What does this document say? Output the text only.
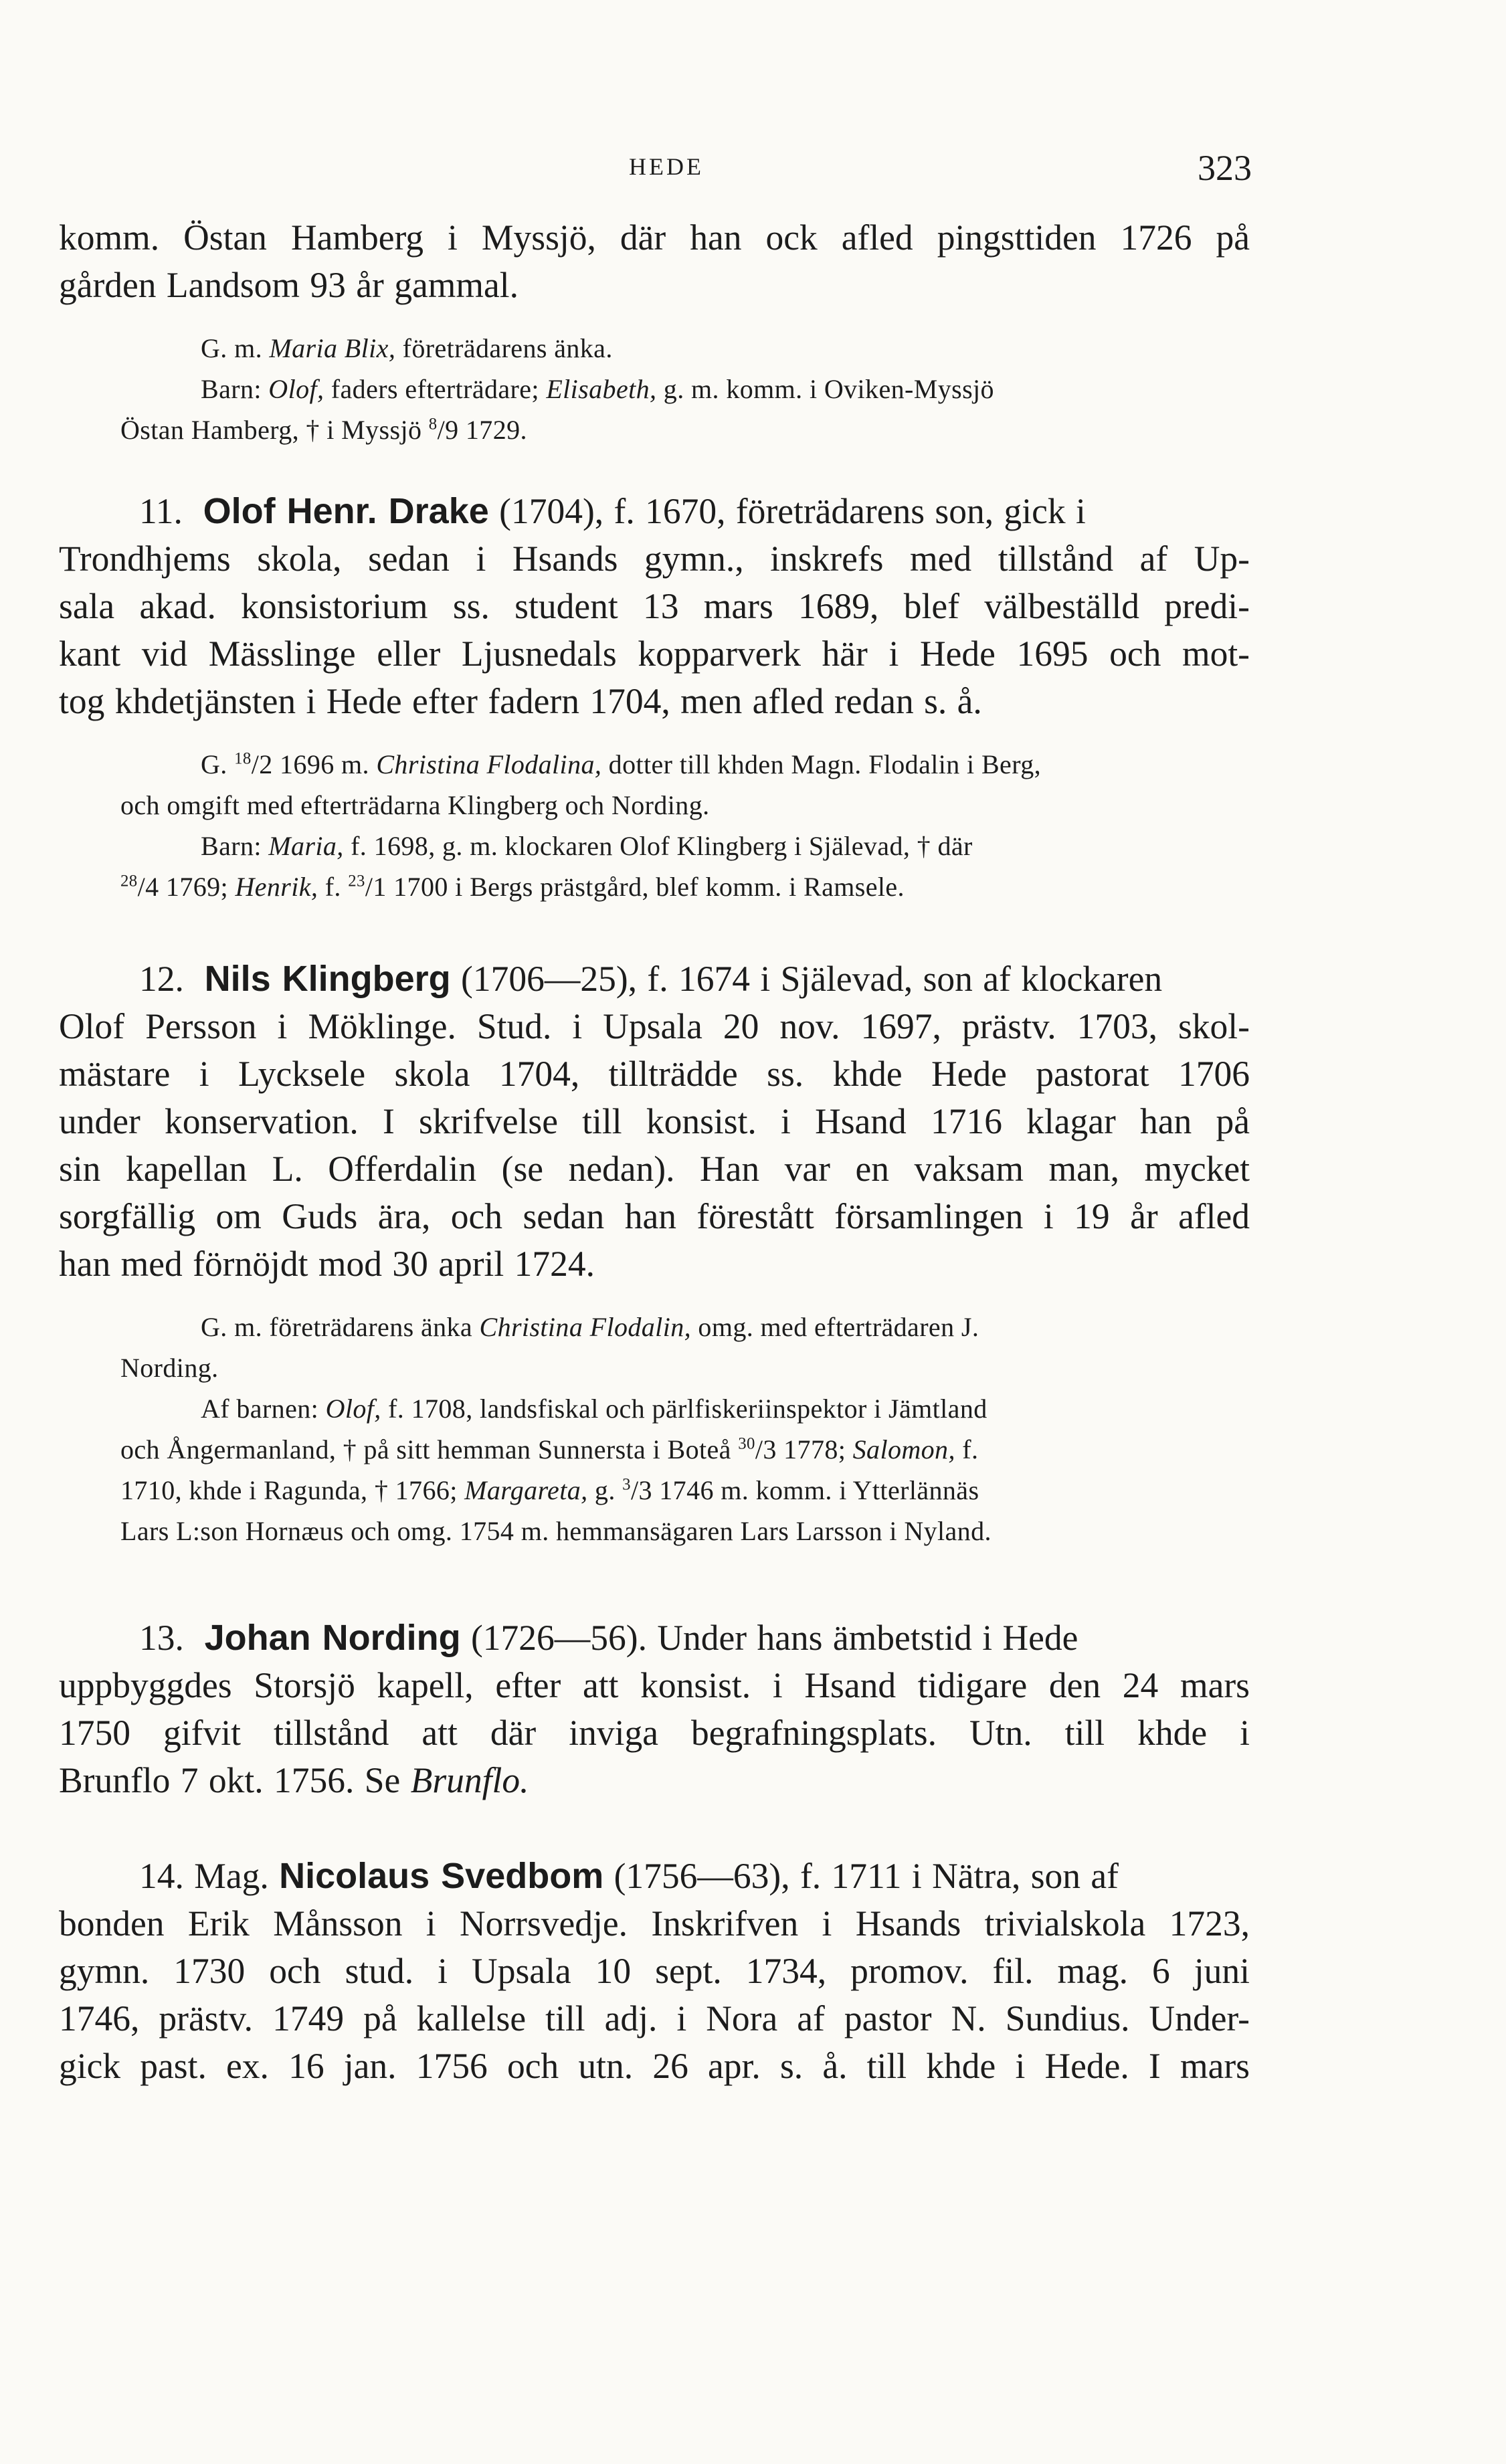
HEDE	323
komm. Östan Hamberg i Myssjö, där han ock afled pingsttiden 1726 på
gården Landsom 93 år gammal.
G. m. Maria Blix, företrädarens änka.
Barn: Olof, faders efterträdare; Elisabeth, g. m. komm. i Oviken-Myssjö
Östan Hamberg, † i Myssjö $^8$/9 1729.
11. Olof Henr. Drake (1704), f. 1670, företrädarens son, gick i
Trondhjems skola, sedan i Hsands gymn., inskrefs med tillstånd af Up-
sala akad. konsistorium ss. student 13 mars 1689, blef välbeställd predi-
kant vid Mässlinge eller Ljusnedals kopparverk här i Hede 1695 och mot-
tog khdetjänsten i Hede efter fadern 1704, men afled redan s. å.
G. $^{18}$/2 1696 m. Christina Flodalina, dotter till khden Magn. Flodalin i Berg,
och omgift med efterträdarna Klingberg och Nording.
Barn: Maria, f. 1698, g. m. klockaren Olof Klingberg i Själevad, † där
$^{28}$/4 1769; Henrik, f. $^{23}$/1 1700 i Bergs prästgård, blef komm. i Ramsele.
12. Nils Klingberg (1706—25), f. 1674 i Själevad, son af klockaren
Olof Persson i Möklinge. Stud. i Upsala 20 nov. 1697, prästv. 1703, skol-
mästare i Lycksele skola 1704, tillträdde ss. khde Hede pastorat 1706
under konservation. I skrifvelse till konsist. i Hsand 1716 klagar han på
sin kapellan L. Offerdalin (se nedan). Han var en vaksam man, mycket
sorgfällig om Guds ära, och sedan han förestått församlingen i 19 år afled
han med förnöjdt mod 30 april 1724.
G. m. företrädarens änka Christina Flodalin, omg. med efterträdaren J.
Nording.
Af barnen: Olof, f. 1708, landsfiskal och pärlfiskeriinspektor i Jämtland
och Ångermanland, † på sitt hemman Sunnersta i Boteå $^{30}$/3 1778; Salomon, f.
1710, khde i Ragunda, † 1766; Margareta, g. $^3$/3 1746 m. komm. i Ytterlännäs
Lars L:son Hornæus och omg. 1754 m. hemmansägaren Lars Larsson i Nyland.
13. Johan Nording (1726—56). Under hans ämbetstid i Hede
uppbyggdes Storsjö kapell, efter att konsist. i Hsand tidigare den 24 mars
1750 gifvit tillstånd att där inviga begrafningsplats. Utn. till khde i
Brunflo 7 okt. 1756. Se Brunflo.
14. Mag. Nicolaus Svedbom (1756—63), f. 1711 i Nätra, son af
bonden Erik Månsson i Norrsvedje. Inskrifven i Hsands trivialskola 1723,
gymn. 1730 och stud. i Upsala 10 sept. 1734, promov. fil. mag. 6 juni
1746, prästv. 1749 på kallelse till adj. i Nora af pastor N. Sundius. Under-
gick past. ex. 16 jan. 1756 och utn. 26 apr. s. å. till khde i Hede. I mars
